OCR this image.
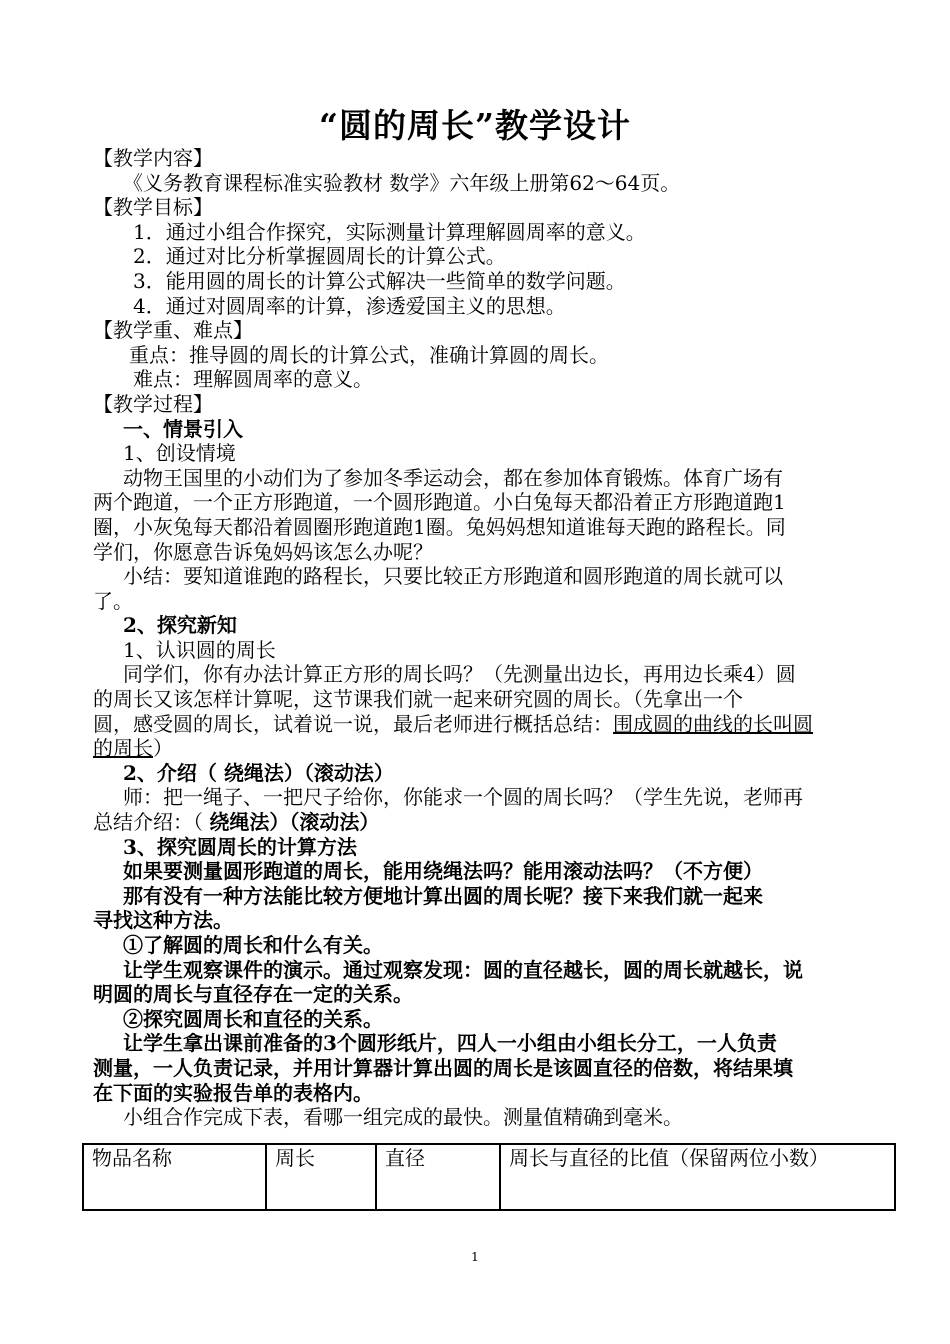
“圆的周长”教学设计
【教学内容】
《义务教育课程标准实验教材 数学》六年级上册第62～64页。
【教学目标】
1．通过小组合作探究，实际测量计算理解圆周率的意义。
2．通过对比分析掌握圆周长的计算公式。
3．能用圆的周长的计算公式解决一些简单的数学问题。
4．通过对圆周率的计算，渗透爱国主义的思想。
【教学重、难点】
重点：推导圆的周长的计算公式，准确计算圆的周长。
难点：理解圆周率的意义。
【教学过程】
一、情景引入
1、创设情境
动物王国里的小动们为了参加冬季运动会，都在参加体育锻炼。体育广场有
两个跑道，一个正方形跑道，一个圆形跑道。小白兔每天都沿着正方形跑道跑1
圈，小灰兔每天都沿着圆圈形跑道跑1圈。兔妈妈想知道谁每天跑的路程长。同
学们，你愿意告诉兔妈妈该怎么办呢？
小结：要知道谁跑的路程长，只要比较正方形跑道和圆形跑道的周长就可以
了。
2、探究新知
1、认识圆的周长
同学们，你有办法计算正方形的周长吗？（先测量出边长，再用边长乘4）圆
的周长又该怎样计算呢，这节课我们就一起来研究圆的周长。（先拿出一个
圆，感受圆的周长，试着说一说，最后老师进行概括总结：围成圆的曲线的长叫圆
的周长）
2、介绍（ 绕绳法）（滚动法）
师：把一绳子、一把尺子给你，你能求一个圆的周长吗？（学生先说，老师再
总结介绍：（ 绕绳法）（滚动法）
3、探究圆周长的计算方法
如果要测量圆形跑道的周长，能用绕绳法吗？能用滚动法吗？（不方便）
那有没有一种方法能比较方便地计算出圆的周长呢？接下来我们就一起来
寻找这种方法。
①了解圆的周长和什么有关。
让学生观察课件的演示。通过观察发现：圆的直径越长，圆的周长就越长，说
明圆的周长与直径存在一定的关系。
②探究圆周长和直径的关系。
让学生拿出课前准备的3个圆形纸片，四人一小组由小组长分工，一人负责
测量，一人负责记录，并用计算器计算出圆的周长是该圆直径的倍数，将结果填
在下面的实验报告单的表格内。
小组合作完成下表，看哪一组完成的最快。测量值精确到毫米。
物品名称	周长	直径	周长与直径的比值（保留两位小数）
1
